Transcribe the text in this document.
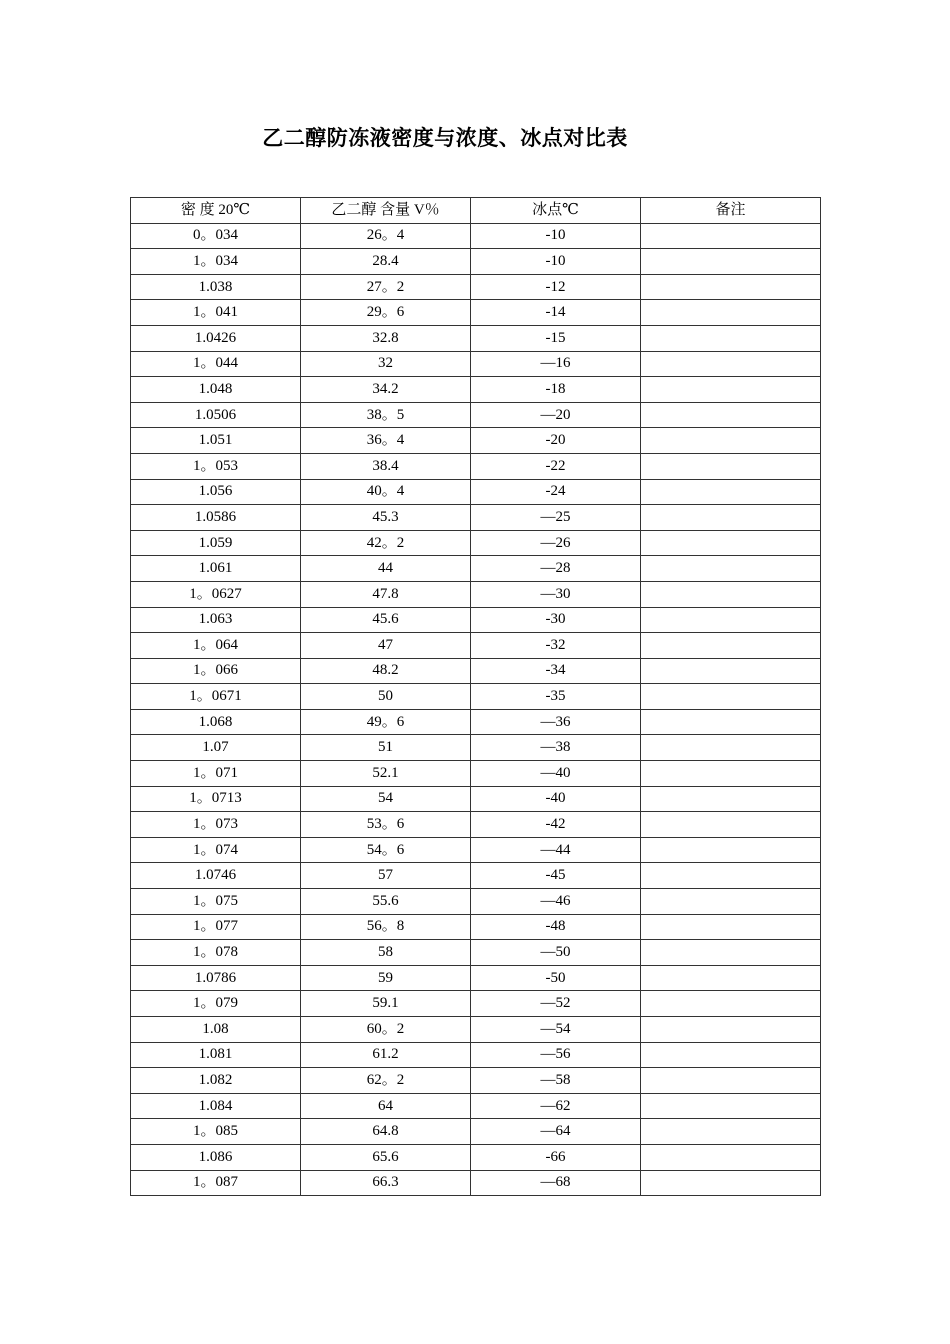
乙二醇防冻液密度与浓度、冰点对比表
密 度 20℃	乙二醇 含量 V％	冰点℃	备注
0。034	26。4	-10	
1。034	28.4	-10	
1.038	27。2	-12	
1。041	29。6	-14	
1.0426	32.8	-15	
1。044	32	—16	
1.048	34.2	-18	
1.0506	38。5	—20	
1.051	36。4	-20	
1。053	38.4	-22	
1.056	40。4	-24	
1.0586	45.3	—25	
1.059	42。2	—26	
1.061	44	—28	
1。0627	47.8	—30	
1.063	45.6	-30	
1。064	47	-32	
1。066	48.2	-34	
1。0671	50	-35	
1.068	49。6	—36	
1.07	51	—38	
1。071	52.1	—40	
1。0713	54	-40	
1。073	53。6	-42	
1。074	54。6	—44	
1.0746	57	-45	
1。075	55.6	—46	
1。077	56。8	-48	
1。078	58	—50	
1.0786	59	-50	
1。079	59.1	—52	
1.08	60。2	—54	
1.081	61.2	—56	
1.082	62。2	—58	
1.084	64	—62	
1。085	64.8	—64	
1.086	65.6	-66	
1。087	66.3	—68	
